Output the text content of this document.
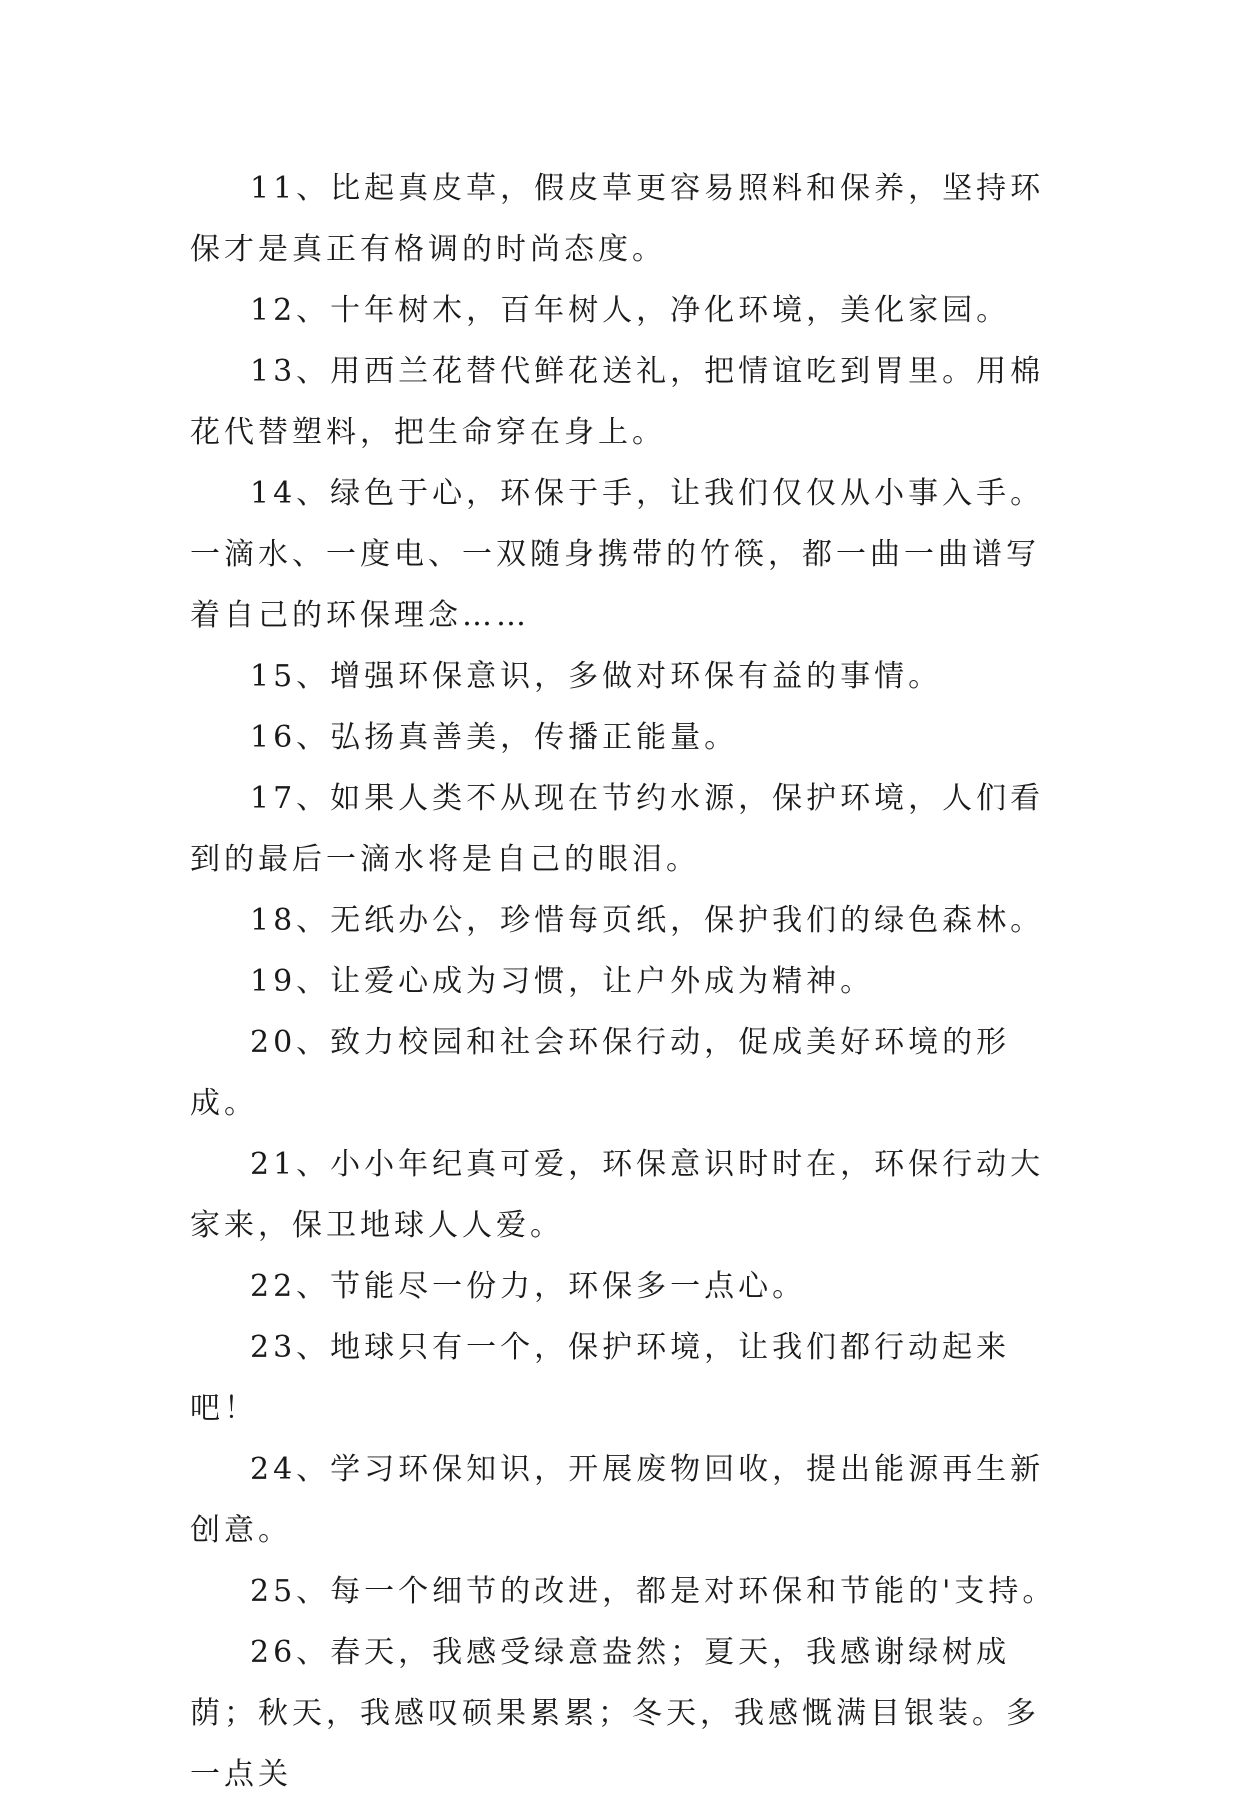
11、比起真皮草，假皮草更容易照料和保养，坚持环保才是真正有格调的时尚态度。

12、十年树木，百年树人，净化环境，美化家园。

13、用西兰花替代鲜花送礼，把情谊吃到胃里。用棉花代替塑料，把生命穿在身上。

14、绿色于心，环保于手，让我们仅仅从小事入手。一滴水、一度电、一双随身携带的竹筷，都一曲一曲谱写着自己的环保理念……

15、增强环保意识，多做对环保有益的事情。

16、弘扬真善美，传播正能量。

17、如果人类不从现在节约水源，保护环境，人们看到的最后一滴水将是自己的眼泪。

18、无纸办公，珍惜每页纸，保护我们的绿色森林。

19、让爱心成为习惯，让户外成为精神。

20、致力校园和社会环保行动，促成美好环境的形成。

21、小小年纪真可爱，环保意识时时在，环保行动大家来，保卫地球人人爱。

22、节能尽一份力，环保多一点心。

23、地球只有一个，保护环境，让我们都行动起来吧！

24、学习环保知识，开展废物回收，提出能源再生新创意。

25、每一个细节的改进，都是对环保和节能的'支持。

26、春天，我感受绿意盎然；夏天，我感谢绿树成荫；秋天，我感叹硕果累累；冬天，我感慨满目银装。多一点关
